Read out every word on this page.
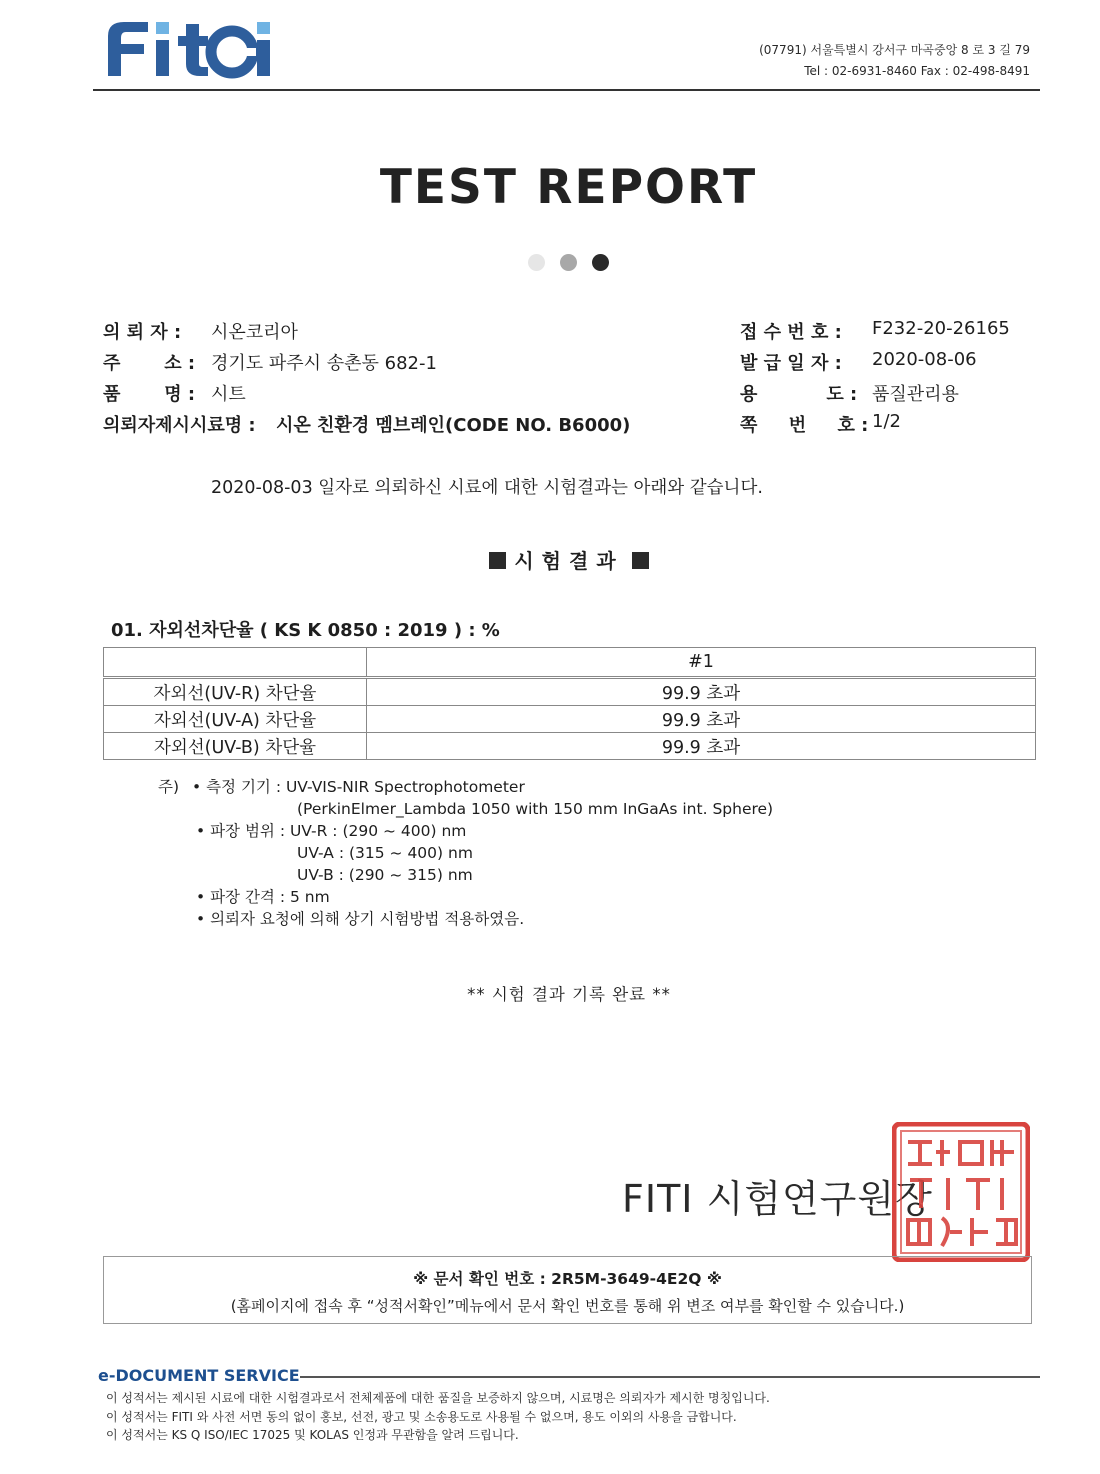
(07791) 서울특별시 강서구 마곡중앙 8 로 3 길 79
Tel : 02-6931-8460 Fax : 02-498-8491
TEST REPORT
의 뢰 자 : 시온코리아
주       소 : 경기도 파주시 송촌동 682-1
품       명 : 시트
의뢰자제시시료명 : 시온 친환경 멤브레인(CODE NO. B6000)
접 수 번 호 : F232-20-26165
발 급 일 자 : 2020-08-06
용           도 : 품질관리용
쪽     번     호 : 1/2
2020-08-03 일자로 의뢰하신 시료에 대한 시험결과는 아래와 같습니다.
시험결과
01. 자외선차단율 ( KS K 0850 : 2019 ) : %
	#1
자외선(UV-R) 차단율	99.9 초과
자외선(UV-A) 차단율	99.9 초과
자외선(UV-B) 차단율	99.9 초과
주) • 측정 기기 : UV-VIS-NIR Spectrophotometer
(PerkinElmer_Lambda 1050 with 150 mm InGaAs int. Sphere)
• 파장 범위 : UV-R : (290 ~ 400) nm
UV-A : (315 ~ 400) nm
UV-B : (290 ~ 315) nm
• 파장 간격 : 5 nm
• 의뢰자 요청에 의해 상기 시험방법 적용하였음.
** 시험 결과 기록 완료 **
FITI 시험연구원장
※ 문서 확인 번호 : 2R5M-3649-4E2Q ※
(홈페이지에 접속 후 “성적서확인”메뉴에서 문서 확인 번호를 통해 위 변조 여부를 확인할 수 있습니다.)
e-DOCUMENT SERVICE
이 성적서는 제시된 시료에 대한 시험결과로서 전체제품에 대한 품질을 보증하지 않으며, 시료명은 의뢰자가 제시한 명칭입니다.
이 성적서는 FITI 와 사전 서면 동의 없이 홍보, 선전, 광고 및 소송용도로 사용될 수 없으며, 용도 이외의 사용을 금합니다.
이 성적서는 KS Q ISO/IEC 17025 및 KOLAS 인정과 무관함을 알려 드립니다.
